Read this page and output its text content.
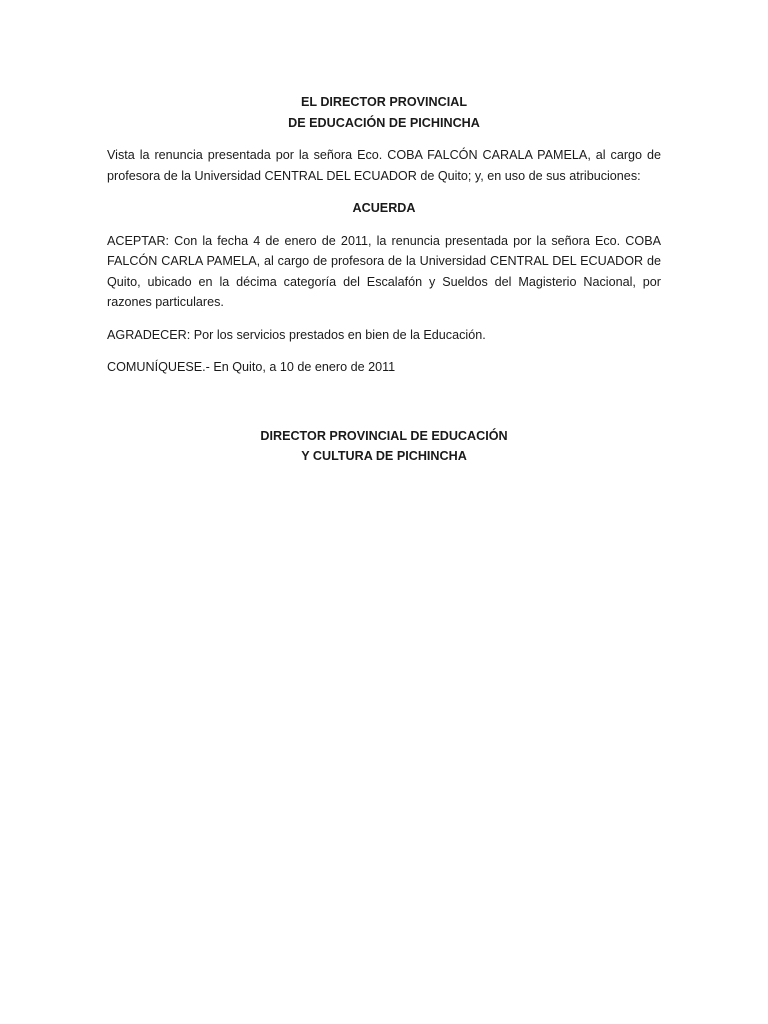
EL DIRECTOR PROVINCIAL

DE EDUCACIÓN DE PICHINCHA

Vista la renuncia presentada por la señora Eco. COBA FALCÓN CARALA PAMELA, al cargo de profesora de la Universidad CENTRAL DEL ECUADOR de Quito; y, en uso de sus atribuciones:

ACUERDA

ACEPTAR: Con la fecha 4 de enero de 2011, la renuncia presentada por la señora Eco. COBA FALCÓN CARLA PAMELA, al cargo de profesora de la Universidad CENTRAL DEL ECUADOR de Quito, ubicado en la décima categoría del Escalafón y Sueldos del Magisterio Nacional, por razones particulares.

AGRADECER: Por los servicios prestados en bien de la Educación.

COMUNÍQUESE.- En Quito, a 10 de enero de 2011

DIRECTOR PROVINCIAL DE EDUCACIÓN

Y CULTURA DE PICHINCHA
